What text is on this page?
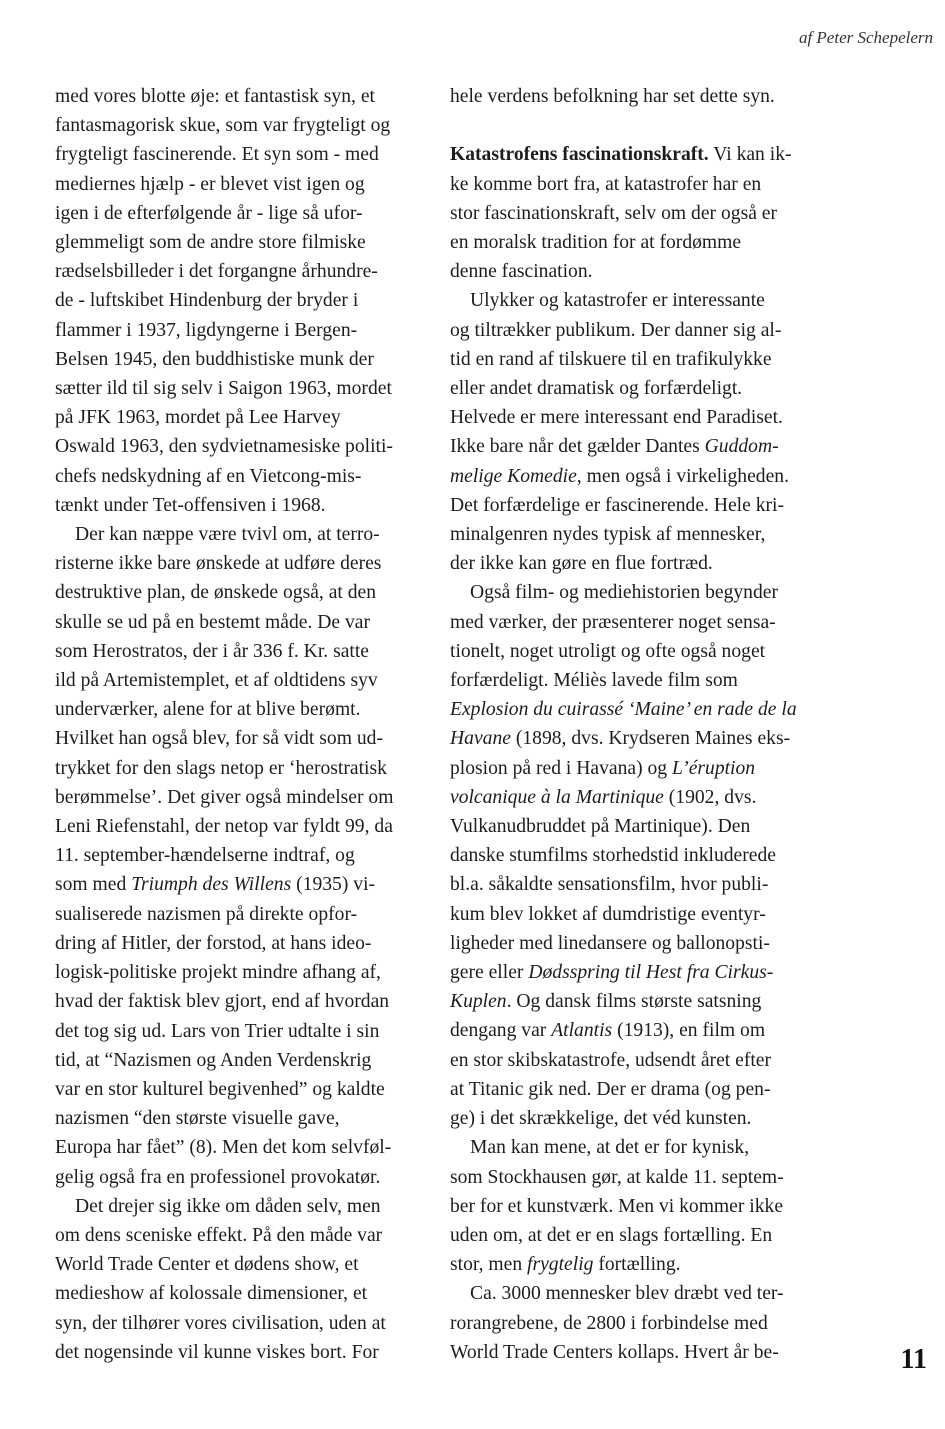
af Peter Schepelern

med vores blotte øje: et fantastisk syn, et
fantasmagorisk skue, som var frygteligt og
frygteligt fascinerende. Et syn som - med
mediernes hjælp - er blevet vist igen og
igen i de efterfølgende år - lige så ufor-
glemmeligt som de andre store filmiske
rædselsbilleder i det forgangne århundre-
de - luftskibet Hindenburg der bryder i
flammer i 1937, ligdyngerne i Bergen-
Belsen 1945, den buddhistiske munk der
sætter ild til sig selv i Saigon 1963, mordet
på JFK 1963, mordet på Lee Harvey
Oswald 1963, den sydvietnamesiske politi-
chefs nedskydning af en Vietcong-mis-
tænkt under Tet-offensiven i 1968.

Der kan næppe være tvivl om, at terro-
risterne ikke bare ønskede at udføre deres
destruktive plan, de ønskede også, at den
skulle se ud på en bestemt måde. De var
som Herostratos, der i år 336 f. Kr. satte
ild på Artemistemplet, et af oldtidens syv
underværker, alene for at blive berømt.
Hvilket han også blev, for så vidt som ud-
trykket for den slags netop er ‘herostratisk
berømmelse’. Det giver også mindelser om
Leni Riefenstahl, der netop var fyldt 99, da
11. september-hændelserne indtraf, og
som med Triumph des Willens (1935) vi-
sualiserede nazismen på direkte opfor-
dring af Hitler, der forstod, at hans ideo-
logisk-politiske projekt mindre afhang af,
hvad der faktisk blev gjort, end af hvordan
det tog sig ud. Lars von Trier udtalte i sin
tid, at “Nazismen og Anden Verdenskrig
var en stor kulturel begivenhed” og kaldte
nazismen “den største visuelle gave,
Europa har fået” (8). Men det kom selvføl-
gelig også fra en professionel provokatør.

Det drejer sig ikke om dåden selv, men
om dens sceniske effekt. På den måde var
World Trade Center et dødens show, et
medieshow af kolossale dimensioner, et
syn, der tilhører vores civilisation, uden at
det nogensinde vil kunne viskes bort. For

hele verdens befolkning har set dette syn.

Katastrofens fascinationskraft. Vi kan ik-
ke komme bort fra, at katastrofer har en
stor fascinationskraft, selv om der også er
en moralsk tradition for at fordømme
denne fascination.

Ulykker og katastrofer er interessante
og tiltrækker publikum. Der danner sig al-
tid en rand af tilskuere til en trafikulykke
eller andet dramatisk og forfærdeligt.
Helvede er mere interessant end Paradiset.
Ikke bare når det gælder Dantes Guddom-
melige Komedie, men også i virkeligheden.
Det forfærdelige er fascinerende. Hele kri-
minalgenren nydes typisk af mennesker,
der ikke kan gøre en flue fortræd.

Også film- og mediehistorien begynder
med værker, der præsenterer noget sensa-
tionelt, noget utroligt og ofte også noget
forfærdeligt. Méliès lavede film som
Explosion du cuirassé ‘Maine’ en rade de la
Havane (1898, dvs. Krydseren Maines eks-
plosion på red i Havana) og L’éruption
volcanique à la Martinique (1902, dvs.
Vulkanudbruddet på Martinique). Den
danske stumfilms storhedstid inkluderede
bl.a. såkaldte sensationsfilm, hvor publi-
kum blev lokket af dumdristige eventyr-
ligheder med linedansere og ballonopsti-
gere eller Dødsspring til Hest fra Cirkus-
Kuplen. Og dansk films største satsning
dengang var Atlantis (1913), en film om
en stor skibskatastrofe, udsendt året efter
at Titanic gik ned. Der er drama (og pen-
ge) i det skrækkelige, det véd kunsten.

Man kan mene, at det er for kynisk,
som Stockhausen gør, at kalde 11. septem-
ber for et kunstværk. Men vi kommer ikke
uden om, at det er en slags fortælling. En
stor, men frygtelig fortælling.

Ca. 3000 mennesker blev dræbt ved ter-
rorangrebene, de 2800 i forbindelse med
World Trade Centers kollaps. Hvert år be-	11
